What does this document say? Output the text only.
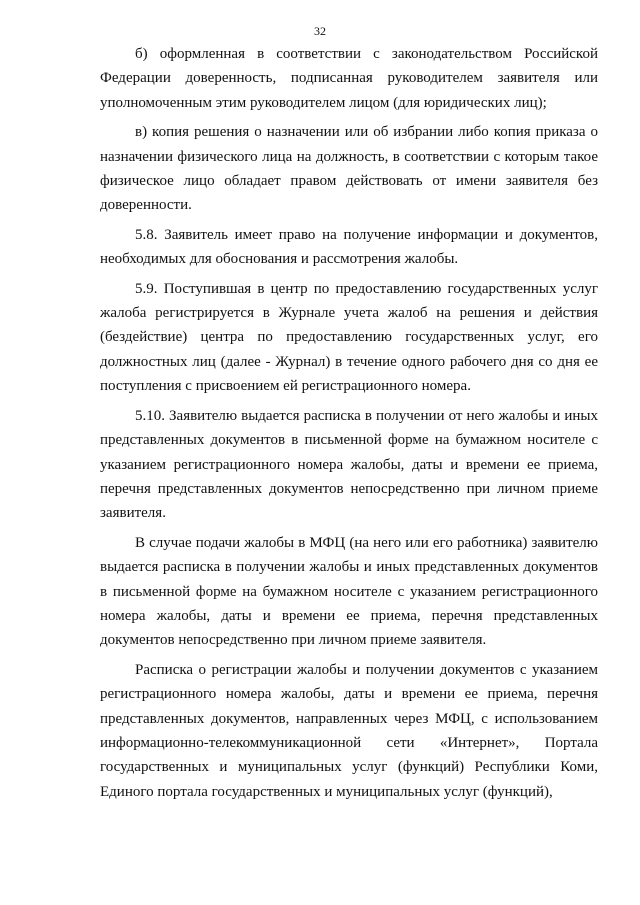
32

б) оформленная в соответствии с законодательством Российской Федерации доверенность, подписанная руководителем заявителя или уполномоченным этим руководителем лицом (для юридических лиц);

в) копия решения о назначении или об избрании либо копия приказа о назначении физического лица на должность, в соответствии с которым такое физическое лицо обладает правом действовать от имени заявителя без доверенности.

5.8. Заявитель имеет право на получение информации и документов, необходимых для обоснования и рассмотрения жалобы.

5.9. Поступившая в центр по предоставлению государственных услуг жалоба регистрируется в Журнале учета жалоб на решения и действия (бездействие) центра по предоставлению государственных услуг, его должностных лиц (далее - Журнал) в течение одного рабочего дня со дня ее поступления с присвоением ей регистрационного номера.

5.10. Заявителю выдается расписка в получении от него жалобы и иных представленных документов в письменной форме на бумажном носителе с указанием регистрационного номера жалобы, даты и времени ее приема, перечня представленных документов непосредственно при личном приеме заявителя.

В случае подачи жалобы в МФЦ (на него или его работника) заявителю выдается расписка в получении жалобы и иных представленных документов в письменной форме на бумажном носителе с указанием регистрационного номера жалобы, даты и времени ее приема, перечня представленных документов непосредственно при личном приеме заявителя.

Расписка о регистрации жалобы и получении документов с указанием регистрационного номера жалобы, даты и времени ее приема, перечня представленных документов, направленных через МФЦ, с использованием информационно-телекоммуникационной сети «Интернет», Портала государственных и муниципальных услуг (функций) Республики Коми, Единого портала государственных и муниципальных услуг (функций),
